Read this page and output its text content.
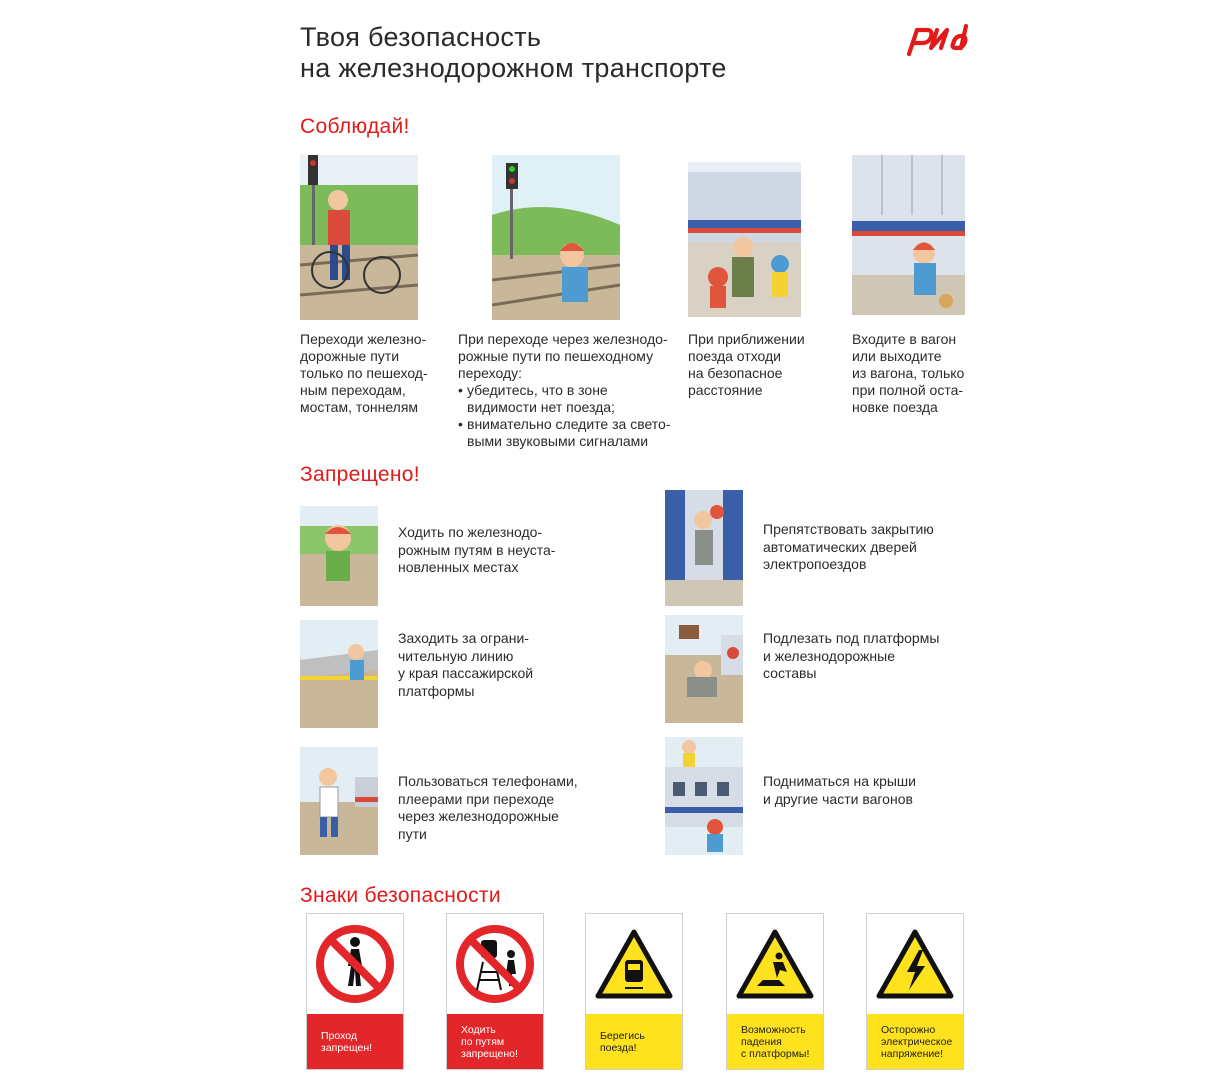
Твоя безопасность
на железнодорожном транспорте
Соблюдай!
Переходи железно-
дорожные пути
только по пешеход-
ным переходам,
мостам, тоннелям
При переходе через железнодо-
рожные пути по пешеходному
переходу:
• убедитесь, что в зоне
видимости нет поезда;
• внимательно следите за свето-
выми звуковыми сигналами
При приближении
поезда отходи
на безопасное
расстояние
Входите в вагон
или выходите
из вагона, только
при полной оста-
новке поезда
Запрещено!
Ходить по железнодо-
рожным путям в неуста-
новленных местах
Заходить за ограни-
чительную линию
у края пассажирской
платформы
Пользоваться телефонами,
плеерами при переходе
через железнодорожные
пути
Препятствовать закрытию
автоматических дверей
электропоездов
Подлезать под платформы
и железнодорожные
составы
Подниматься на крыши
и другие части вагонов
Знаки безопасности
Проход
запрещен!
Ходить
по путям
запрещено!
Берегись
поезда!
Возможность
падения
с платформы!
Осторожно
электрическое
напряжение!
